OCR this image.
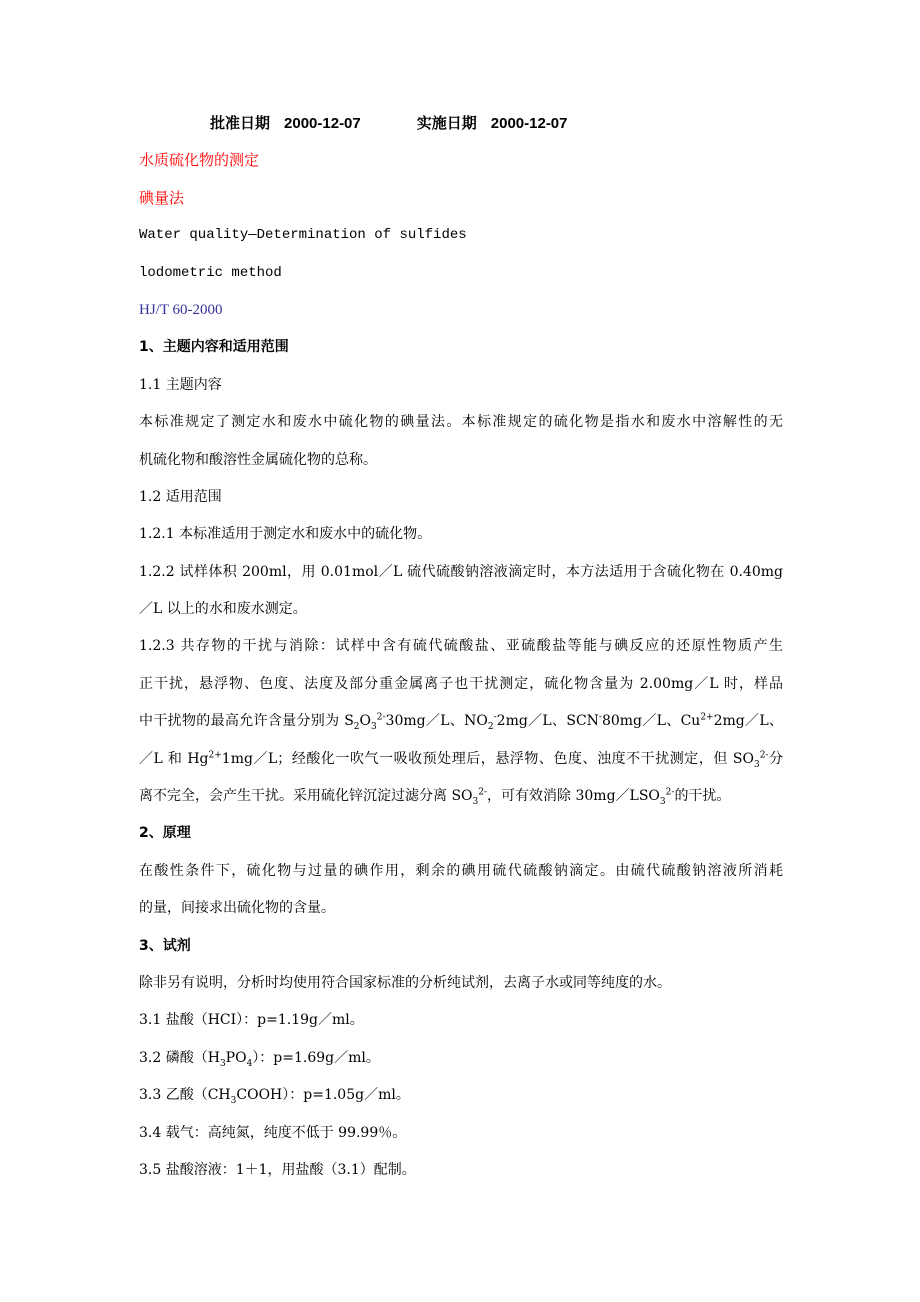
批准日期 2000-12-07	实施日期 2000-12-07
水质硫化物的测定
碘量法
Water quality—Determination of sulfides
lodometric method
HJ/T 60-2000
1、主题内容和适用范围
1.1 主题内容
本标准规定了测定水和废水中硫化物的碘量法。本标准规定的硫化物是指水和废水中溶解性的无
机硫化物和酸溶性金属硫化物的总称。
1.2 适用范围
1.2.1 本标准适用于测定水和废水中的硫化物。
1.2.2 试样体积 200ml，用 0.01mol／L 硫代硫酸钠溶液滴定时，本方法适用于含硫化物在 0.40mg
／L 以上的水和废水测定。
1.2.3 共存物的干扰与消除：试样中含有硫代硫酸盐、亚硫酸盐等能与碘反应的还原性物质产生
正干扰，悬浮物、色度、法度及部分重金属离子也干扰测定，硫化物含量为 2.00mg／L 时，样品
中干扰物的最高允许含量分别为 $S_2O_3^{2-}30mg/L$、$NO_2^-2mg/L$、SCN-80mg／L、$Cu^{2+}2mg/L$、
／L 和 $Hg^{2+}1mg/L$；经酸化一吹气一吸收预处理后，悬浮物、色度、浊度不干扰测定，但 $SO_3^{2-}$分
离不完全，会产生干扰。采用硫化锌沉淀过滤分离 $SO_3^{2-}$，可有效消除 $30mg/LSO_3^{2-}$的干扰。
2、原理
在酸性条件下，硫化物与过量的碘作用，剩余的碘用硫代硫酸钠滴定。由硫代硫酸钠溶液所消耗
的量，间接求出硫化物的含量。
3、试剂
除非另有说明，分析时均使用符合国家标准的分析纯试剂，去离子水或同等纯度的水。
3.1 盐酸（HCI）：p=1.19g／ml。
3.2 磷酸$(H_3PO_4)$：p=1.69g／ml。
3.3 乙酸$(CH_3COOH)$：p=1.05g／ml。
3.4 载气：高纯氮，纯度不低于 99.99％。
3.5 盐酸溶液：1＋1，用盐酸（3.1）配制。
